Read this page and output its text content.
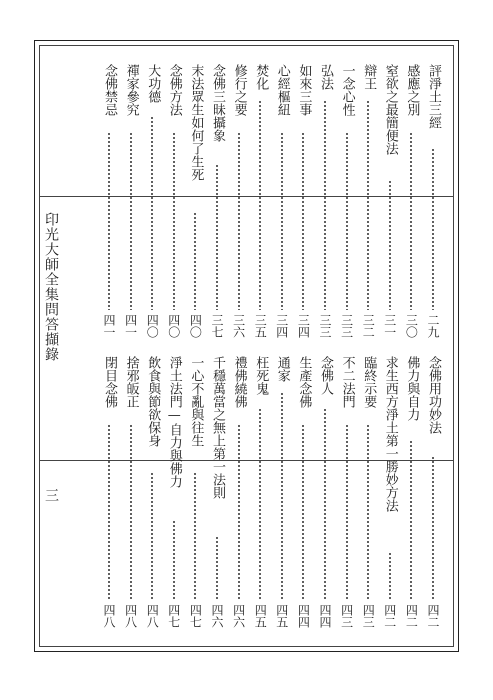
印光大師全集問答擷錄
三
評淨土三經
二九
感應之別
三〇
窒欲之最簡便法
三一
辯王
三二
一念心性
三三
弘法
三三
如來三事
三四
心經樞紐
三四
焚化
三五
修行之要
三六
念佛三昧攝象
三七
末法眾生如何了生死
四〇
念佛方法
四〇
大功德
四〇
禪家參究
四一
念佛禁忌
四一
念佛用功妙法
四二
佛力與自力
四二
求生西方淨土第一勝妙方法
四二
臨終示要
四三
不二法門
四三
念佛人
四四
生產念佛
四四
通家
四五
枉死鬼
四五
禮佛繞佛
四六
千穩萬當之無上第一法則
四六
一心不亂與往生
四七
淨土法門—自力與佛力
四七
飲食與節欲保身
四八
捨邪皈正
四八
閉目念佛
四八
